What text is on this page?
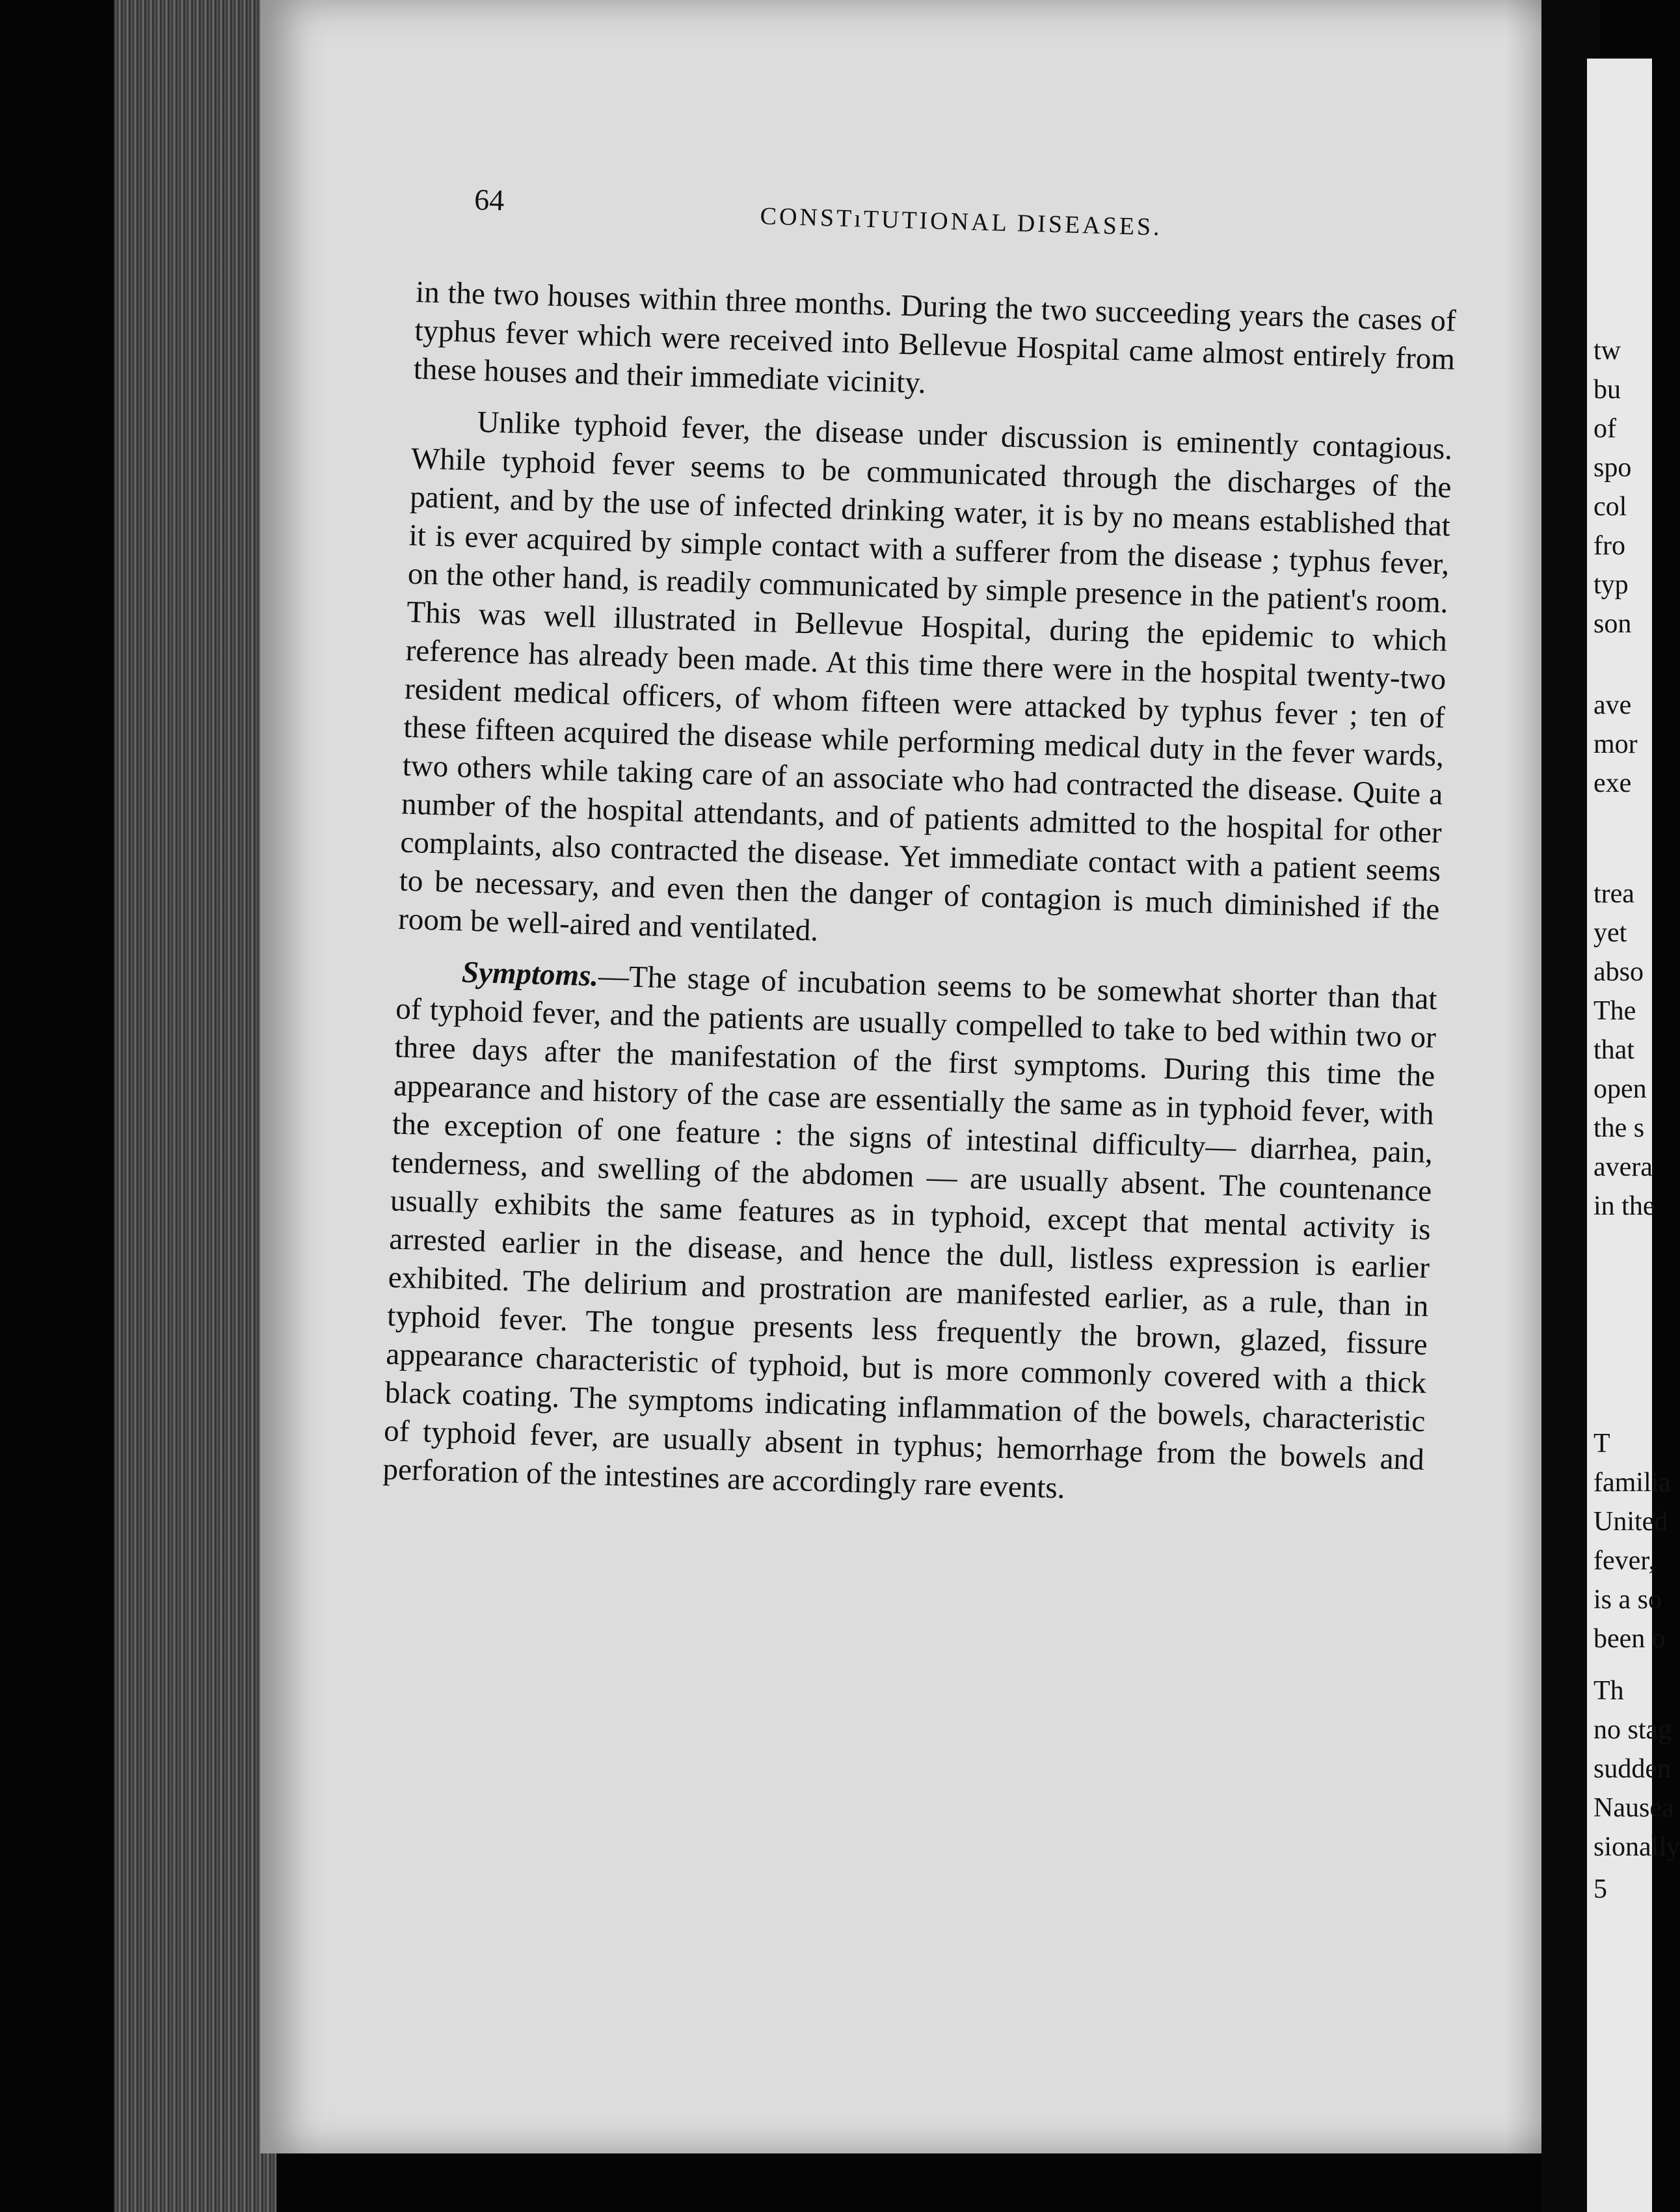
64
CONSTıTUTIONAL DISEASES.

in the two houses within three months. During the two succeeding years the cases of typhus fever which were received into Bellevue Hospital came almost entirely from these houses and their immediate vicinity.

Unlike typhoid fever, the disease under discussion is eminently contagious. While typhoid fever seems to be communicated through the discharges of the patient, and by the use of infected drinking water, it is by no means established that it is ever acquired by simple contact with a sufferer from the disease ; typhus fever, on the other hand, is readily communicated by simple presence in the patient's room. This was well illustrated in Bellevue Hospital, during the epidemic to which reference has already been made. At this time there were in the hospital twenty-two resident medical officers, of whom fifteen were attacked by typhus fever ; ten of these fifteen acquired the disease while performing medical duty in the fever wards, two others while taking care of an associate who had contracted the disease. Quite a number of the hospital attendants, and of patients admitted to the hospital for other complaints, also contracted the disease. Yet immediate contact with a patient seems to be necessary, and even then the danger of contagion is much diminished if the room be well-aired and ventilated.

Symptoms.—The stage of incubation seems to be somewhat shorter than that of typhoid fever, and the patients are usually compelled to take to bed within two or three days after the manifestation of the first symptoms. During this time the appearance and history of the case are essentially the same as in typhoid fever, with the exception of one feature : the signs of intestinal difficulty— diarrhea, pain, tenderness, and swelling of the abdomen — are usually absent. The countenance usually exhibits the same features as in typhoid, except that mental activity is arrested earlier in the disease, and hence the dull, listless expression is earlier exhibited. The delirium and prostration are manifested earlier, as a rule, than in typhoid fever. The tongue presents less frequently the brown, glazed, fissure appearance characteristic of typhoid, but is more commonly covered with a thick black coating. The symptoms indicating inflammation of the bowels, characteristic of typhoid fever, are usually absent in typhus; hemorrhage from the bowels and perforation of the intestines are accordingly rare events.

tw
bu
of
spo
col
fro
typ
son
ave
mor
exe
trea
yet
abso
The
that
open
the s
avera
in the
T
familia
United
fever,
is a so
been o
Th
no stag
sudden
Nausea
sionally
5
